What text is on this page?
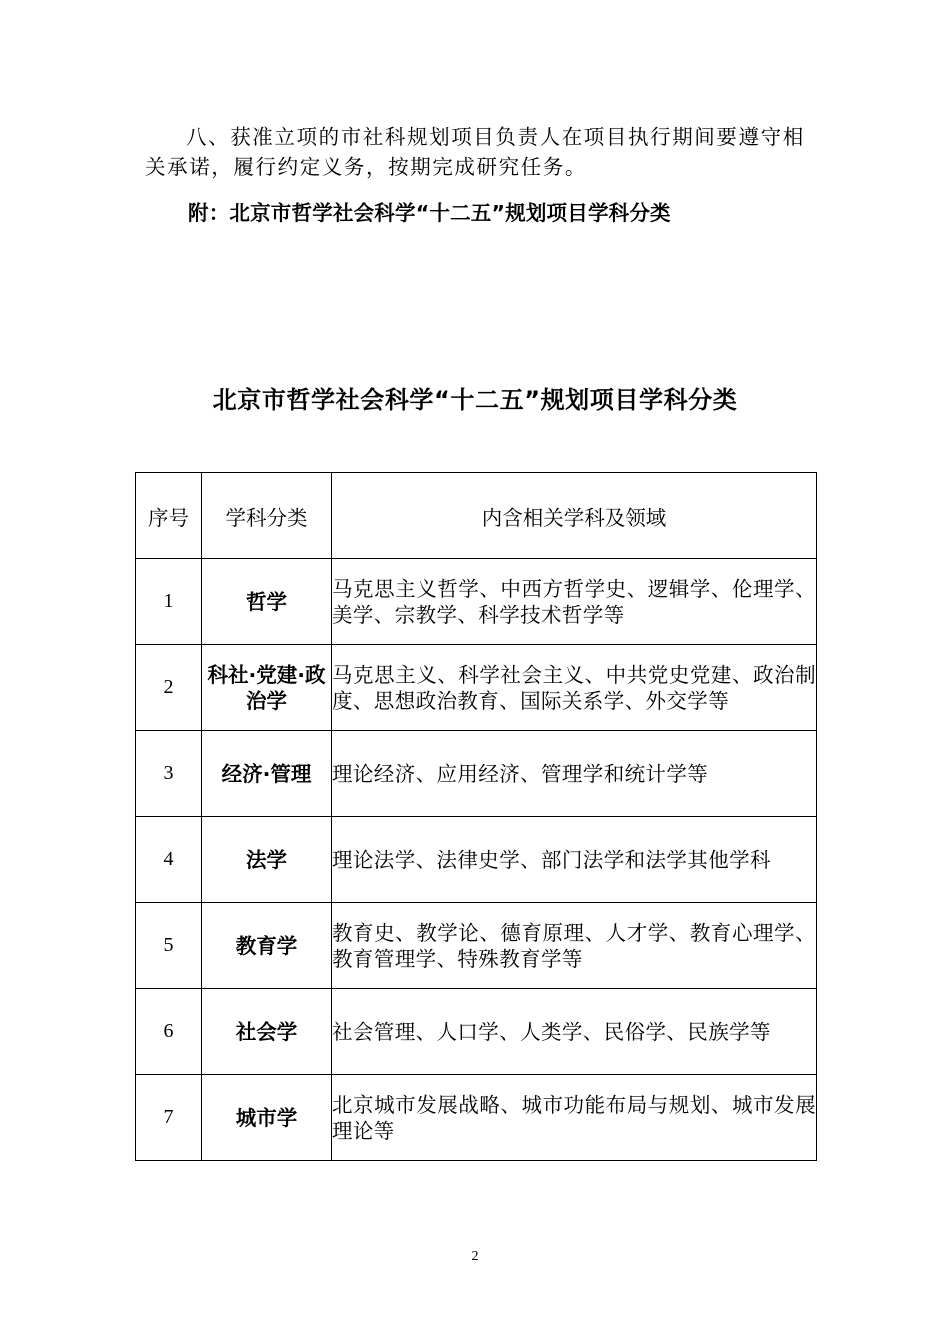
八、获准立项的市社科规划项目负责人在项目执行期间要遵守相关承诺，履行约定义务，按期完成研究任务。

附：北京市哲学社会科学“十二五”规划项目学科分类

北京市哲学社会科学“十二五”规划项目学科分类
序号	学科分类	内含相关学科及领域
1	哲学	马克思主义哲学、中西方哲学史、逻辑学、伦理学、美学、宗教学、科学技术哲学等
2	科社·党建·政治学	马克思主义、科学社会主义、中共党史党建、政治制度、思想政治教育、国际关系学、外交学等
3	经济·管理	理论经济、应用经济、管理学和统计学等
4	法学	理论法学、法律史学、部门法学和法学其他学科
5	教育学	教育史、教学论、德育原理、人才学、教育心理学、教育管理学、特殊教育学等
6	社会学	社会管理、人口学、人类学、民俗学、民族学等
7	城市学	北京城市发展战略、城市功能布局与规划、城市发展理论等

2
